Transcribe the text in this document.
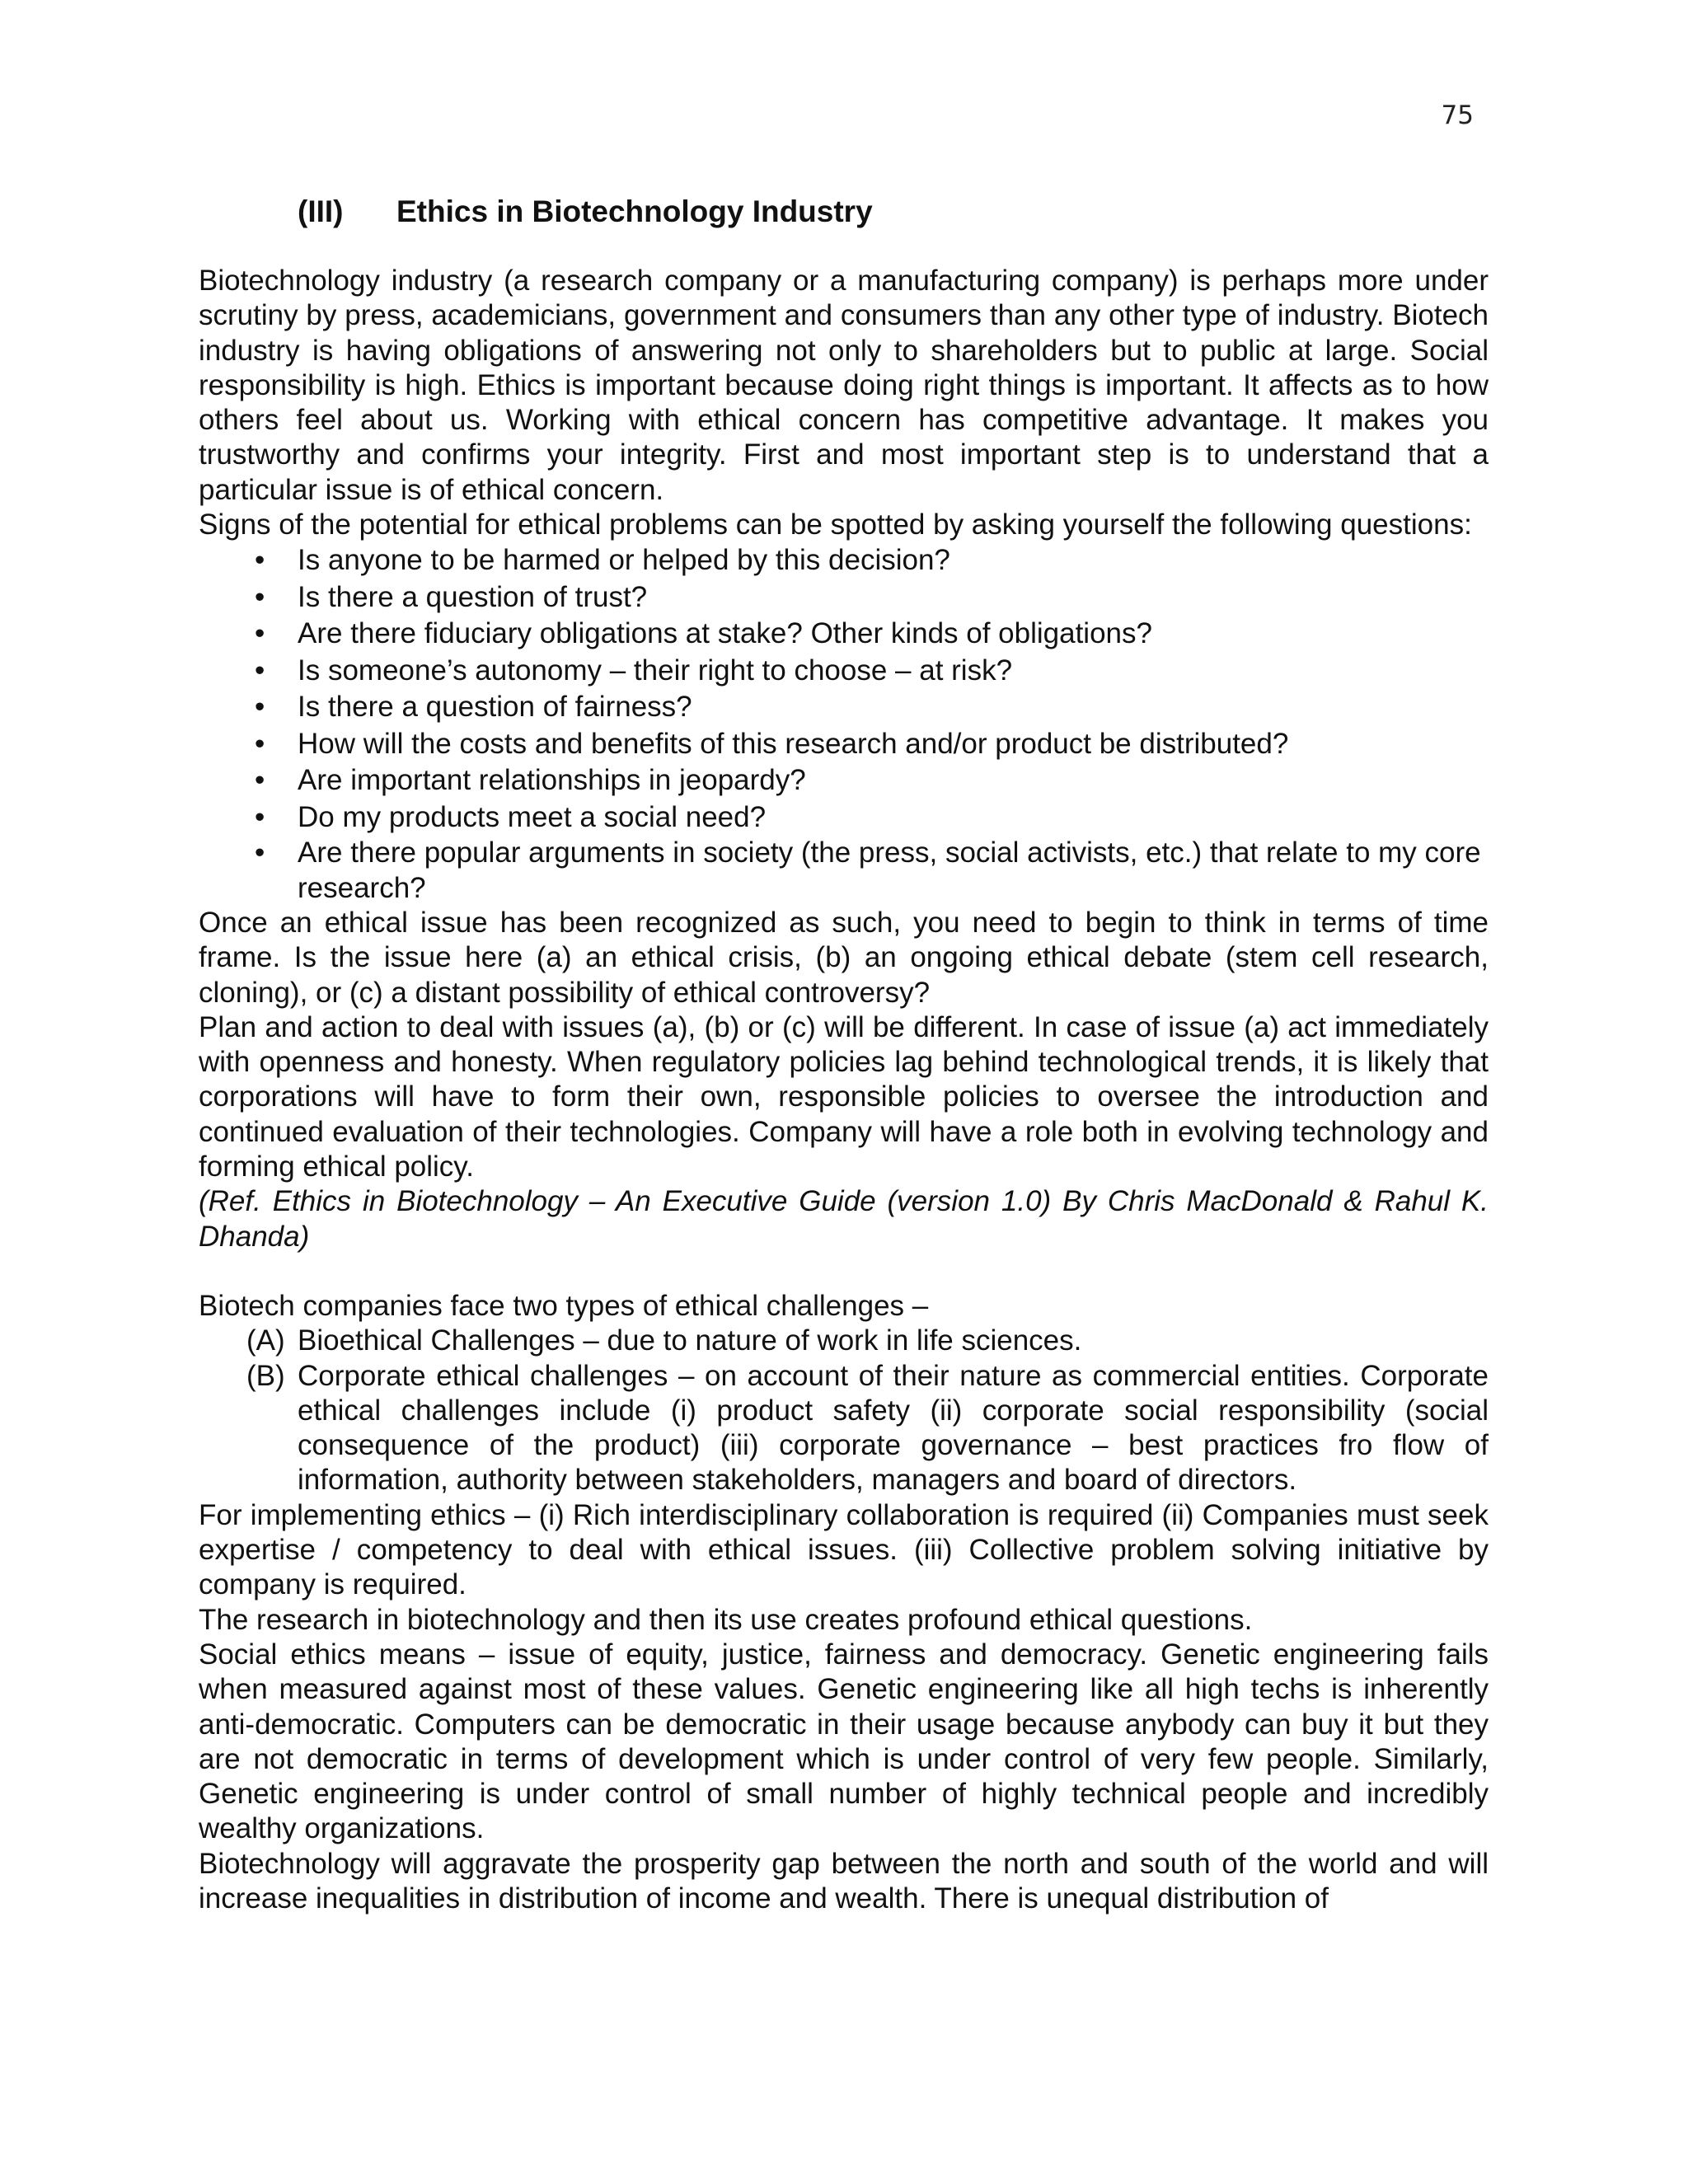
75
(III) Ethics in Biotechnology Industry

Biotechnology industry (a research company or a manufacturing company) is perhaps more under scrutiny by press, academicians, government and consumers than any other type of industry. Biotech industry is having obligations of answering not only to shareholders but to public at large. Social responsibility is high. Ethics is important because doing right things is important. It affects as to how others feel about us. Working with ethical concern has competitive advantage. It makes you trustworthy and confirms your integrity. First and most important step is to understand that a particular issue is of ethical concern.

Signs of the potential for ethical problems can be spotted by asking yourself the following questions:

• Is anyone to be harmed or helped by this decision?
• Is there a question of trust?
• Are there fiduciary obligations at stake? Other kinds of obligations?
• Is someone’s autonomy – their right to choose – at risk?
• Is there a question of fairness?
• How will the costs and benefits of this research and/or product be distributed?
• Are important relationships in jeopardy?
• Do my products meet a social need?
• Are there popular arguments in society (the press, social activists, etc.) that relate to my core research?

Once an ethical issue has been recognized as such, you need to begin to think in terms of time frame. Is the issue here (a) an ethical crisis, (b) an ongoing ethical debate (stem cell research, cloning), or (c) a distant possibility of ethical controversy?

Plan and action to deal with issues (a), (b) or (c) will be different. In case of issue (a) act immediately with openness and honesty. When regulatory policies lag behind technological trends, it is likely that corporations will have to form their own, responsible policies to oversee the introduction and continued evaluation of their technologies. Company will have a role both in evolving technology and forming ethical policy.

(Ref. Ethics in Biotechnology – An Executive Guide (version 1.0) By Chris MacDonald & Rahul K. Dhanda)

Biotech companies face two types of ethical challenges –

(A) Bioethical Challenges – due to nature of work in life sciences.
(B) Corporate ethical challenges – on account of their nature as commercial entities. Corporate ethical challenges include (i) product safety (ii) corporate social responsibility (social consequence of the product) (iii) corporate governance – best practices fro flow of information, authority between stakeholders, managers and board of directors.

For implementing ethics – (i) Rich interdisciplinary collaboration is required (ii) Companies must seek expertise / competency to deal with ethical issues. (iii) Collective problem solving initiative by company is required.

The research in biotechnology and then its use creates profound ethical questions.

Social ethics means – issue of equity, justice, fairness and democracy. Genetic engineering fails when measured against most of these values. Genetic engineering like all high techs is inherently anti-democratic. Computers can be democratic in their usage because anybody can buy it but they are not democratic in terms of development which is under control of very few people. Similarly, Genetic engineering is under control of small number of highly technical people and incredibly wealthy organizations.

Biotechnology will aggravate the prosperity gap between the north and south of the world and will increase inequalities in distribution of income and wealth. There is unequal distribution of
